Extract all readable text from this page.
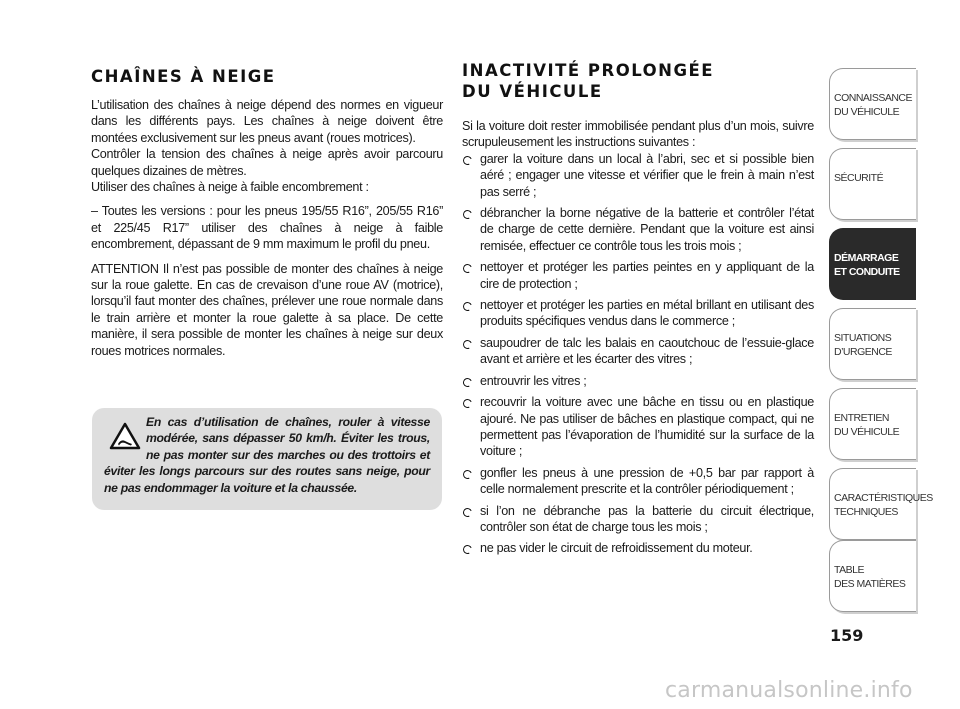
CHAÎNES À NEIGE

L’utilisation des chaînes à neige dépend des normes en vigueur dans les différents pays. Les chaînes à neige doivent être montées exclusivement sur les pneus avant (roues motrices).

Contrôler la tension des chaînes à neige après avoir parcouru quelques dizaines de mètres.

Utiliser des chaînes à neige à faible encombrement :

– Toutes les versions : pour les pneus 195/55 R16”, 205/55 R16” et 225/45 R17” utiliser des chaînes à neige à faible encombrement, dépassant de 9 mm maximum le profil du pneu.

ATTENTION Il n’est pas possible de monter des chaînes à neige sur la roue galette. En cas de crevaison d’une roue AV (motrice), lorsqu’il faut monter des chaînes, prélever une roue normale dans le train arrière et monter la roue galette à sa place. De cette manière, il sera possible de monter les chaînes à neige sur deux roues motrices normales.

En cas d’utilisation de chaînes, rouler à vitesse modérée, sans dépasser 50 km/h. Éviter les trous, ne pas monter sur des marches ou des trottoirs et éviter les longs parcours sur des routes sans neige, pour ne pas endommager la voiture et la chaussée.
INACTIVITÉ PROLONGÉE
DU VÉHICULE

Si la voiture doit rester immobilisée pendant plus d’un mois, suivre scrupuleusement les instructions suivantes :

garer la voiture dans un local à l’abri, sec et si possible bien aéré ; engager une vitesse et vérifier que le frein à main n’est pas serré ;
débrancher la borne négative de la batterie et contrôler l’état de charge de cette dernière. Pendant que la voiture est ainsi remisée, effectuer ce contrôle tous les trois mois ;
nettoyer et protéger les parties peintes en y appliquant de la cire de protection ;
nettoyer et protéger les parties en métal brillant en utilisant des produits spécifiques vendus dans le commerce ;
saupoudrer de talc les balais en caoutchouc de l’essuie-glace avant et arrière et les écarter des vitres ;
entrouvrir les vitres ;
recouvrir la voiture avec une bâche en tissu ou en plastique ajouré. Ne pas utiliser de bâches en plastique compact, qui ne permettent pas l’évaporation de l’humidité sur la surface de la voiture ;
gonfler les pneus à une pression de +0,5 bar par rapport à celle normalement prescrite et la contrôler périodiquement ;
si l’on ne débranche pas la batterie du circuit électrique, contrôler son état de charge tous les mois ;
ne pas vider le circuit de refroidissement du moteur.
CONNAISSANCE
DU VÉHICULE
SÉCURITÉ
DÉMARRAGE
ET CONDUITE
SITUATIONS
D’URGENCE
ENTRETIEN
DU VÉHICULE
CARACTÉRISTIQUES
TECHNIQUES
TABLE
DES MATIÈRES
159
carmanualsonline.info
